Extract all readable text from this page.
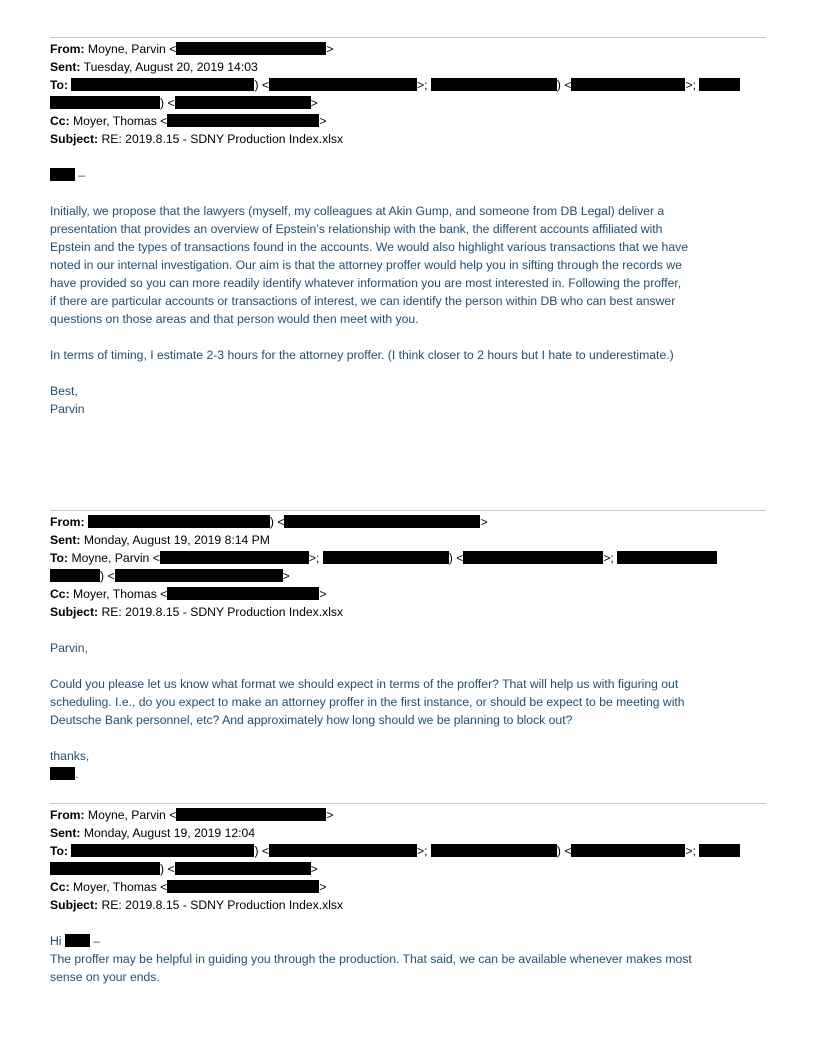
From: Moyne, Parvin <	>
Sent: Tuesday, August 20, 2019 14:03
To:	) <	>;	) <	>;
) <	>
Cc: Moyer, Thomas <	>
Subject: RE: 2019.8.15 - SDNY Production Index.xlsx
–
Initially, we propose that the lawyers (myself, my colleagues at Akin Gump, and someone from DB Legal) deliver a
presentation that provides an overview of Epstein’s relationship with the bank, the different accounts affiliated with
Epstein and the types of transactions found in the accounts. We would also highlight various transactions that we have
noted in our internal investigation. Our aim is that the attorney proffer would help you in sifting through the records we
have provided so you can more readily identify whatever information you are most interested in. Following the proffer,
if there are particular accounts or transactions of interest, we can identify the person within DB who can best answer
questions on those areas and that person would then meet with you.
In terms of timing, I estimate 2-3 hours for the attorney proffer. (I think closer to 2 hours but I hate to underestimate.)
Best,
Parvin
From:	) <	>
Sent: Monday, August 19, 2019 8:14 PM
To: Moyne, Parvin <	>;	) <	>;
) <	>
Cc: Moyer, Thomas <	>
Subject: RE: 2019.8.15 - SDNY Production Index.xlsx
Parvin,
Could you please let us know what format we should expect in terms of the proffer? That will help us with figuring out
scheduling. I.e., do you expect to make an attorney proffer in the first instance, or should be expect to be meeting with
Deutsche Bank personnel, etc? And approximately how long should we be planning to block out?
thanks,
.
From: Moyne, Parvin <	>
Sent: Monday, August 19, 2019 12:04
To:	) <	>;	) <	>;
) <	>
Cc: Moyer, Thomas <	>
Subject: RE: 2019.8.15 - SDNY Production Index.xlsx
Hi  –
The proffer may be helpful in guiding you through the production. That said, we can be available whenever makes most
sense on your ends.
